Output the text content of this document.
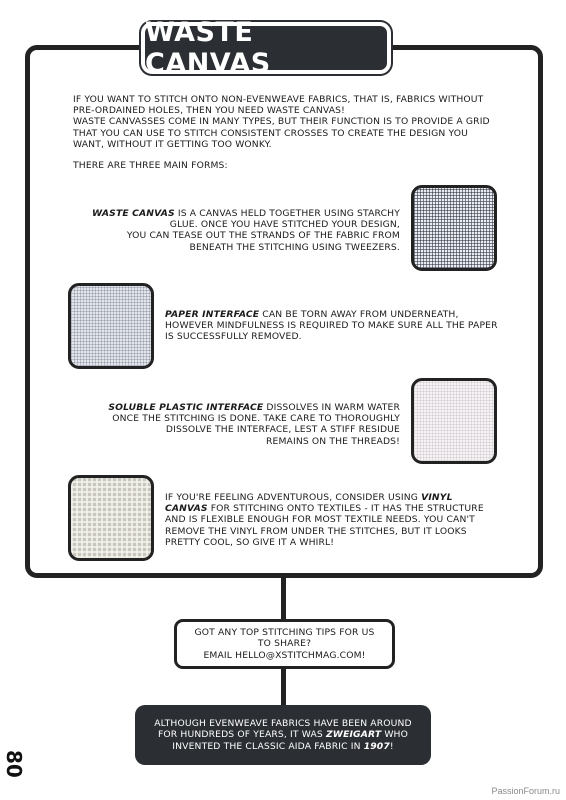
WASTE CANVAS
IF YOU WANT TO STITCH ONTO NON-EVENWEAVE FABRICS, THAT IS, FABRICS WITHOUT
PRE-ORDAINED HOLES, THEN YOU NEED WASTE CANVAS!
WASTE CANVASSES COME IN MANY TYPES, BUT THEIR FUNCTION IS TO PROVIDE A GRID
THAT YOU CAN USE TO STITCH CONSISTENT CROSSES TO CREATE THE DESIGN YOU
WANT, WITHOUT IT GETTING TOO WONKY.
THERE ARE THREE MAIN FORMS:
WASTE CANVAS IS A CANVAS HELD TOGETHER USING STARCHY
GLUE. ONCE YOU HAVE STITCHED YOUR DESIGN,
YOU CAN TEASE OUT THE STRANDS OF THE FABRIC FROM
BENEATH THE STITCHING USING TWEEZERS.
PAPER INTERFACE CAN BE TORN AWAY FROM UNDERNEATH,
HOWEVER MINDFULNESS IS REQUIRED TO MAKE SURE ALL THE PAPER
IS SUCCESSFULLY REMOVED.
SOLUBLE PLASTIC INTERFACE DISSOLVES IN WARM WATER
ONCE THE STITCHING IS DONE. TAKE CARE TO THOROUGHLY
DISSOLVE THE INTERFACE, LEST A STIFF RESIDUE
REMAINS ON THE THREADS!
IF YOU'RE FEELING ADVENTUROUS, CONSIDER USING VINYL
CANVAS FOR STITCHING ONTO TEXTILES - IT HAS THE STRUCTURE
AND IS FLEXIBLE ENOUGH FOR MOST TEXTILE NEEDS. YOU CAN'T
REMOVE THE VINYL FROM UNDER THE STITCHES, BUT IT LOOKS
PRETTY COOL, SO GIVE IT A WHIRL!
GOT ANY TOP STITCHING TIPS FOR US
TO SHARE?
EMAIL HELLO@XSTITCHMAG.COM!
ALTHOUGH EVENWEAVE FABRICS HAVE BEEN AROUND
FOR HUNDREDS OF YEARS, IT WAS ZWEIGART WHO
INVENTED THE CLASSIC AIDA FABRIC IN 1907!
80
PassionForum.ru
